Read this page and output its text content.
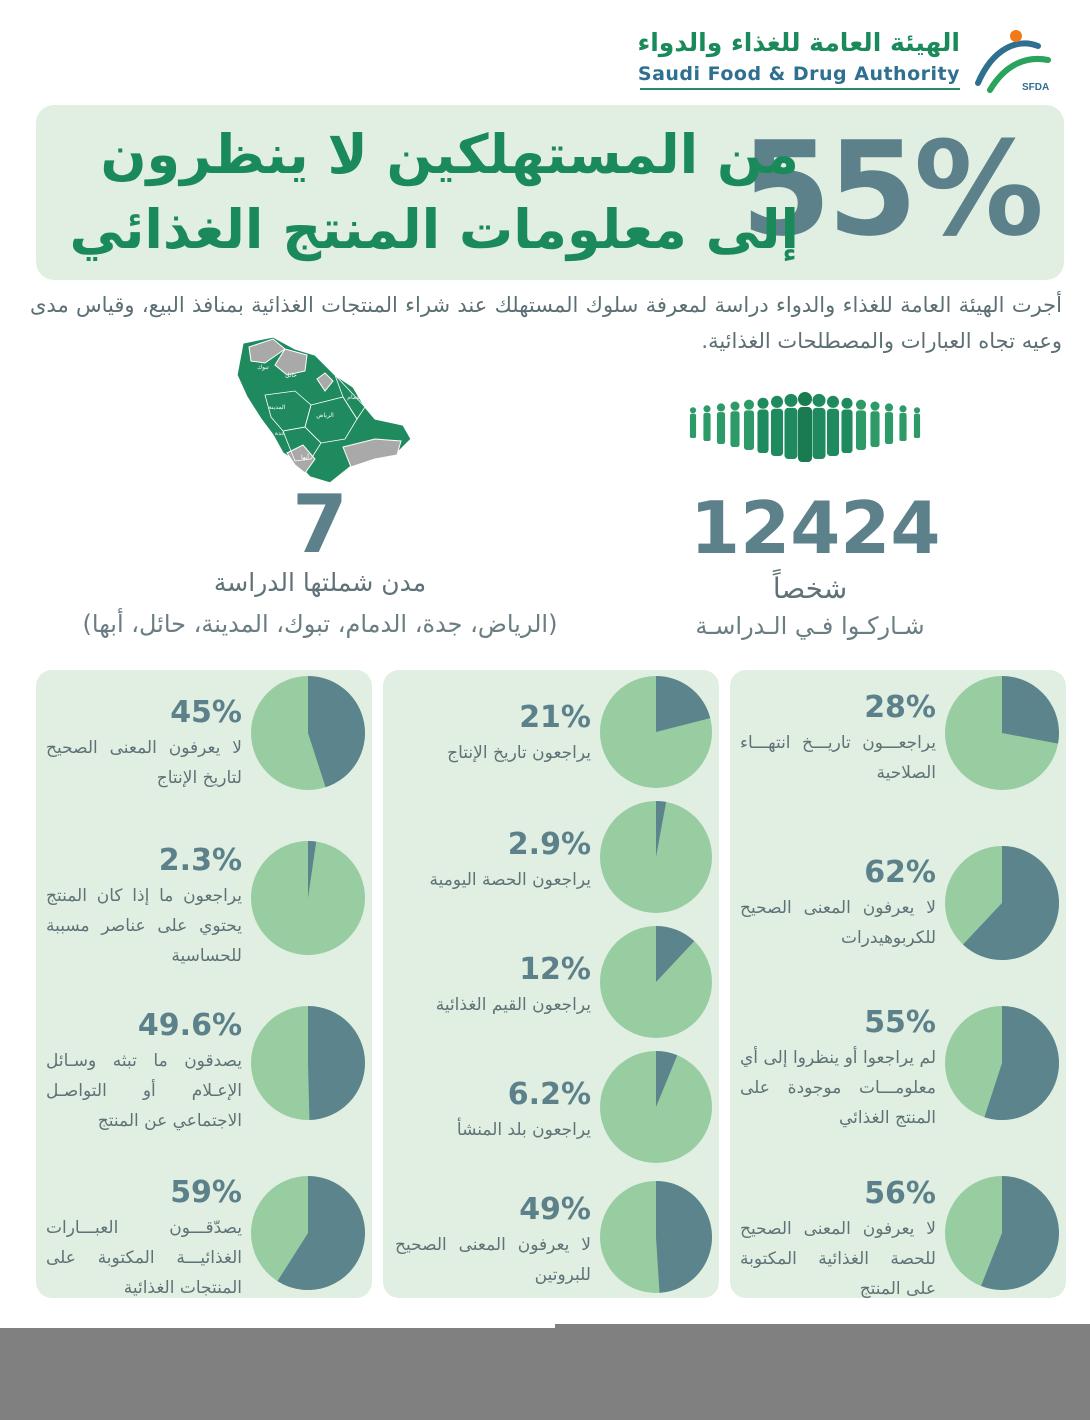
الهيئة العامة للغذاء والدواء
Saudi Food & Drug Authority
SFDA
55%
من المستهلكين لا ينظرون
إلى معلومات المنتج الغذائي
أجرت الهيئة العامة للغذاء والدواء دراسة لمعرفة سلوك المستهلك عند شراء المنتجات الغذائية بمنافذ البيع، وقياس مدى وعيه تجاه العبارات والمصطلحات الغذائية.
تبوك
حائل
المدينة
الدمام
الرياض
جدة
أبها
7
مدن شملتها الدراسة
(الرياض، جدة، الدمام، تبوك، المدينة، حائل، أبها)
12424
شخصاً
شـاركـوا فـي الـدراسـة
28%
يراجعـــون تاريـــخ انتهـــاء الصلاحية
62%
لا يعرفون المعنى الصحيح للكربوهيدرات
55%
لم يراجعوا أو ينظروا إلى أي معلومـــات موجودة على المنتج الغذائي
56%
لا يعرفون المعنى الصحيح للحصة الغذائية المكتوبة على المنتج
21%
يراجعون تاريخ الإنتاج
2.9%
يراجعون الحصة اليومية
12%
يراجعون القيم الغذائية
6.2%
يراجعون بلد المنشأ
49%
لا يعرفون المعنى الصحيح للبروتين
45%
لا يعرفون المعنى الصحيح لتاريخ الإنتاج
2.3%
يراجعون ما إذا كان المنتج يحتوي على عناصر مسببة للحساسية
49.6%
يصدقون ما تبثه وسـائل الإعـلام أو التواصـل الاجتماعي عن المنتج
59%
يصدّقـــون العبـــارات الغذائيـــة المكتوبة على المنتجات الغذائية
